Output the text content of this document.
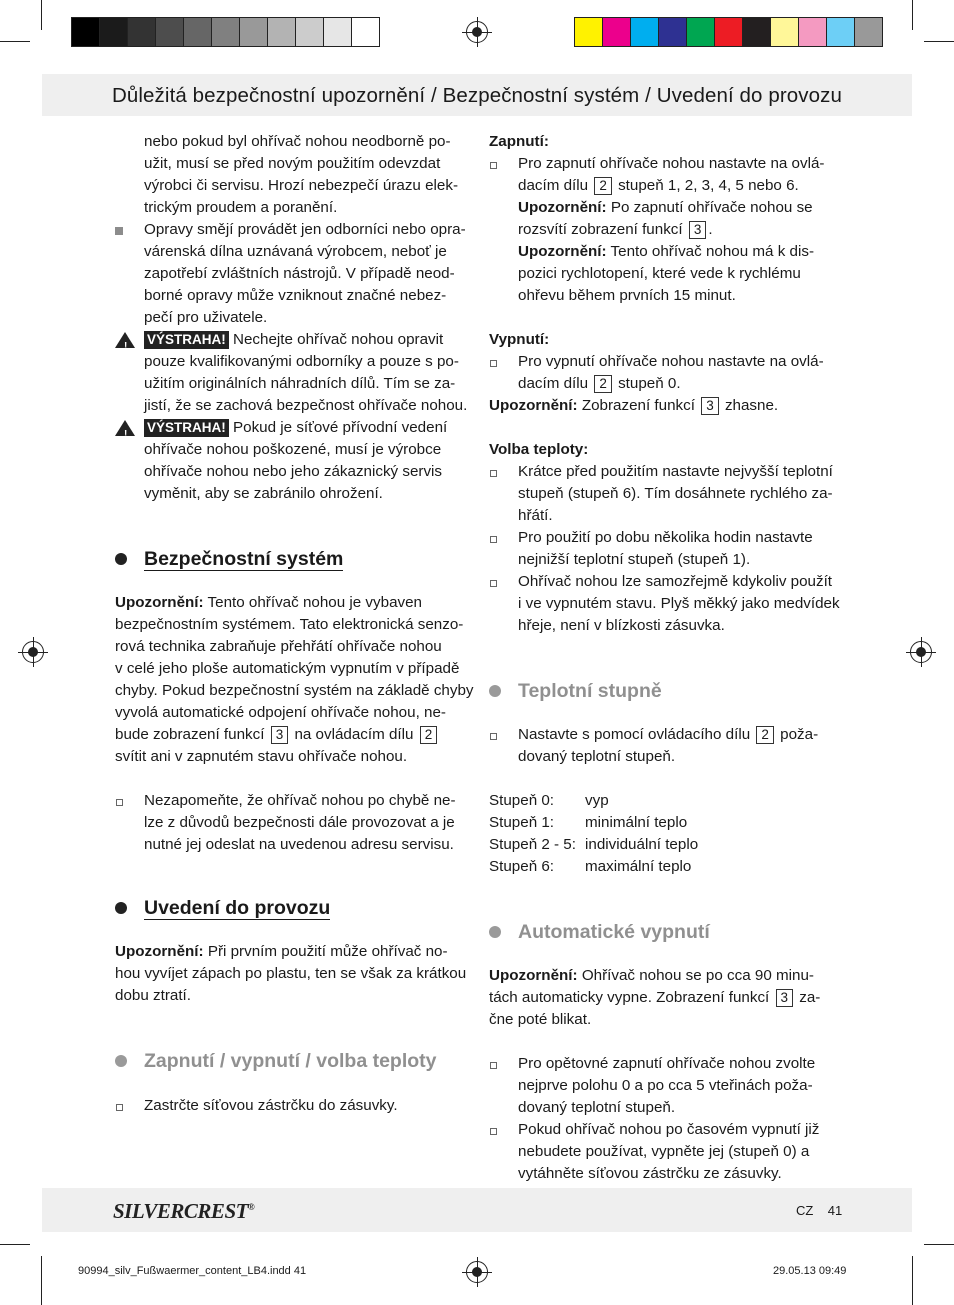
Důležitá bezpečnostní upozornění / Bezpečnostní systém / Uvedení do provozu
nebo pokud byl ohřívač nohou neodborně po-
užit, musí se před novým použitím odevzdat
výrobci či servisu. Hrozí nebezpečí úrazu elek-
trickým proudem a poranění.
Opravy smějí provádět jen odborníci nebo opra-
várenská dílna uznávaná výrobcem, neboť je
zapotřebí zvláštních nástrojů. V případě neod-
borné opravy může vzniknout značné nebez-
pečí pro uživatele.
! VÝSTRAHA! Nechejte ohřívač nohou opravit
pouze kvalifikovanými odborníky a pouze s po-
užitím originálních náhradních dílů. Tím se za-
jistí, že se zachová bezpečnost ohřívače nohou.
! VÝSTRAHA! Pokud je síťové přívodní vedení
ohřívače nohou poškozené, musí je výrobce
ohřívače nohou nebo jeho zákaznický servis
vyměnit, aby se zabránilo ohrožení.
Bezpečnostní systém
Upozornění: Tento ohřívač nohou je vybaven
bezpečnostním systémem. Tato elektronická senzo-
rová technika zabraňuje přehřátí ohřívače nohou
v celé jeho ploše automatickým vypnutím v případě
chyby. Pokud bezpečnostní systém na základě chyby
vyvolá automatické odpojení ohřívače nohou, ne-
bude zobrazení funkcí 3 na ovládacím dílu 2
svítit ani v zapnutém stavu ohřívače nohou.
Nezapomeňte, že ohřívač nohou po chybě ne-
lze z důvodů bezpečnosti dále provozovat a je
nutné jej odeslat na uvedenou adresu servisu.
Uvedení do provozu
Upozornění: Při prvním použití může ohřívač no-
hou vyvíjet zápach po plastu, ten se však za krátkou
dobu ztratí.
Zapnutí / vypnutí / volba teploty
Zastrčte síťovou zástrčku do zásuvky.
Zapnutí:
Pro zapnutí ohřívače nohou nastavte na ovlá-
dacím dílu 2 stupeň 1, 2, 3, 4, 5 nebo 6.
Upozornění: Po zapnutí ohřívače nohou se
rozsvítí zobrazení funkcí 3 .
Upozornění: Tento ohřívač nohou má k dis-
pozici rychlotopení, které vede k rychlému
ohřevu během prvních 15 minut.
Vypnutí:
Pro vypnutí ohřívače nohou nastavte na ovlá-
dacím dílu 2 stupeň 0.
Upozornění: Zobrazení funkcí 3 zhasne.
Volba teploty:
Krátce před použitím nastavte nejvyšší teplotní
stupeň (stupeň 6). Tím dosáhnete rychlého za-
hřátí.
Pro použití po dobu několika hodin nastavte
nejnižší teplotní stupeň (stupeň 1).
Ohřívač nohou lze samozřejmě kdykoliv použít
i ve vypnutém stavu. Plyš měkký jako medvídek
hřeje, není v blízkosti zásuvka.
Teplotní stupně
Nastavte s pomocí ovládacího dílu 2 poža-
dovaný teplotní stupeň.
Stupeň 0:	vyp
Stupeň 1:	minimální teplo
Stupeň 2 - 5: individuální teplo
Stupeň 6:	maximální teplo
Automatické vypnutí
Upozornění: Ohřívač nohou se po cca 90 minu-
tách automaticky vypne. Zobrazení funkcí 3 za-
čne poté blikat.
Pro opětovné zapnutí ohřívače nohou zvolte
nejprve polohu 0 a po cca 5 vteřinách poža-
dovaný teplotní stupeň.
Pokud ohřívač nohou po časovém vypnutí již
nebudete používat, vypněte jej (stupeň 0) a
vytáhněte síťovou zástrčku ze zásuvky.
SILVERCREST®	CZ    41
90994_silv_Fußwaermer_content_LB4.indd 41	29.05.13 09:49
